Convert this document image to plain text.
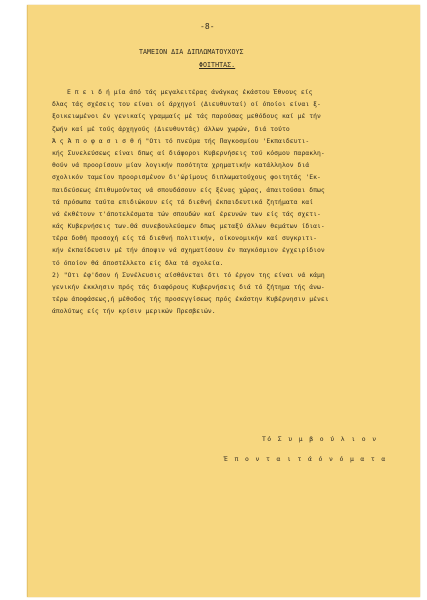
-8-
ΤΑΜΕΙΟΝ ΔΙΑ ΔΙΠΛΩΜΑΤΟΥΧΟΥΣ
ΦΟΙΤΗΤΑΣ.
Ε π ε ι δ ή μία άπό τάς μεγαλειτέρας άνάγκας έκάστου Έθνους είς
δλας τάς σχέσεις του είναι οί άρχηγοί (Διευθυνταί) οί όποίοι είναι ξ-
ξοικειωμένοι έν γενικαίς γραμμαίς μέ τάς παρούσας μεθόδους καί μέ τήν
ζωήν καί μέ τούς άρχηγούς (Διευθυντάς) άλλων χωρών, διά τούτο
Ά ς Ά π ο φ α σ ι σ θ ή "Οτι τό πνεύμα τής Παγκοσμίου 'Εκπαιδευτι-
κής Συνελεύσεως είναι δπως αί διάφοροι Κυβερνήσεις τού κόσμου παρακλη-
θούν νά προορίσουν μίαν λογικήν ποσότητα χρηματικήν κατάλληλον διά
σχολικόν ταμείον προορισμένον δι'ώρίμους διπλωματούχους φοιτητάς 'Εκ-
παιδεύσεως έπιθυμούντας νά σπουδάσουν είς ξένας χώρας, άπαιτούσαι δπως
τά πρόσωπα ταύτα επιδιώκουν είς τά διεθνή έκπαιδευτικά ζητήματα καί
νά έκθέτουν τ'άποτελέσματα τών σπουδών καί έρευνών των είς τάς σχετι-
κάς Κυβερνήσεις των.Θά συνεβουλεύαμεν δπως μεταξύ άλλων θεμάτων ίδιαι-
τέρα δοθή προσοχή είς τά διεθνή πολιτικήν, οίκονομικήν καί συγκριτι-
κήν έκπαίδευσιν μέ τήν άποψιν νά σχηματίσουν έν παγκόσμιον έγχειρίδιον
τό όποίον θά άποστέλλετο είς δλα τά σχολεία.
2) "Οτι έφ'δσον ή Συνέλευσις αίσθάνεται δτι τό έργον της είναι νά κάμη
γενικήν έκκλησιν πρός τάς διαφόρους Κυβερνήσεις διά τό ζήτημα τής άνω-
τέρω άποφάσεως,ή μέθοδος τής προσεγγίσεως πρός έκάστην Κυβέρνησιν μένει
άπολύτως είς τήν κρίσιν μερικών Πρεσβειών.
Τό Σ υ μ β ο ύ λ ι ο ν
Ἐ π ο ν τ α ι τ ά ό ν ό μ α τ α
